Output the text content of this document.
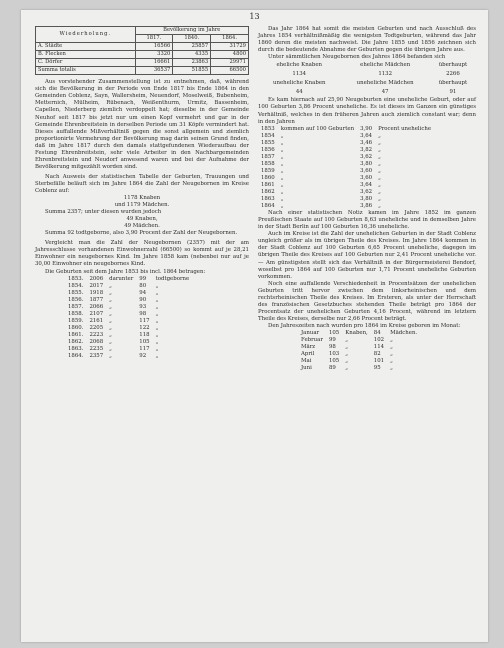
13
Wiederholung.	Bevölkerung im Jahre		
	1817.	1840.	1864.
A. Städte	16566	25857	31729
B. Flecken	3320	4335	4800
C. Dörfer	16661	23863	29971
Summa totalis	36537	51855	66500

Aus vorstehender Zusammenstellung ist zu entnehmen, daß, während sich die Bevölkerung in der Periode von Ende 1817 bis Ende 1864 in den Gemeinden Coblenz, Sayn, Wallersheim, Neuendorf, Moselweiß, Bubenheim, Metternich, Mülheim, Rübenach, Weißenthurm, Urmitz, Bassenheim, Capellen, Niederberg ziemlich verdoppelt hat; dieselbe in der Gemeinde Neuhof seit 1817 bis jetzt nur um einen Kopf vermehrt und gar in der Gemeinde Ehrenbreitstein in derselben Periode um 31 Köpfe vermindert hat. Dieses auffallende Mißverhältniß gegen die sonst allgemein und ziemlich proportionirte Vermehrung der Bevölkerung mag darin seinen Grund finden, daß im Jahre 1817 durch den damals stattgefundenen Wiederaufbau der Festung Ehrenbreitstein, sehr viele Arbeiter in den Nachbargemeinden Ehrenbreitstein und Neudorf anwesend waren und bei der Aufnahme der Bevölkerung mitgezählt worden sind.

Nach Ausweis der statistischen Tabelle der Geburten, Trauungen und Sterbefälle beläuft sich im Jahre 1864 die Zahl der Neugebornen im Kreise Coblenz auf:

1178 Knaben
und 1179 Mädchen.
Summa 2357; unter diesen wurden jedoch
49 Knaben,
49 Mädchen.

Summa 92 todtgeborne, also 3,90 Procent der Zahl der Neugebornen.

Vergleicht man die Zahl der Neugebornen (2357) mit der am Jahresschlusse vorhandenen Einwohnerzahl (66500) so kommt auf je 28,21 Einwohner ein neugebornes Kind. Im Jahre 1858 kam (nebenbei nur auf je 30,00 Einwohner ein neugebornes Kind.

Die Geburten seit dem Jahre 1853 bis incl. 1864 betragen:

1853.	2006	darunter	99	todtgeborne
1854.	2017	„	80	„
1855.	1918	„	94	„
1856.	1877	„	90	„
1857.	2066	„	93	„
1858.	2107	„	98	„
1859.	2161	„	117	„
1860.	2205	„	122	„
1861.	2223	„	118	„
1862.	2068	„	105	„
1863.	2235	„	117	„
1864.	2357	„	92	„

Das Jahr 1864 hat somit die meisten Geburten und nach Ausschluß des Jahres 1854 verhältnißmäßig die wenigsten Todtgeburten, während das Jahr 1860 deren die meisten nachweist. Die Jahre 1855 und 1856 zeichnen sich durch die bedeutende Abnahme der Geburten gegen die übrigen Jahre aus.

Unter sämmtlichen Neugebornen des Jahres 1864 befanden sich

eheliche Knaben	eheliche Mädchen	überhaupt
1134	1132	2266
uneheliche Knaben	uneheliche Mädchen	überhaupt
44	47	91

Es kam hiernach auf 25,90 Neugeburten eine uneheliche Geburt, oder auf 100 Geburten 3,86 Procent uneheliche. Es ist dieses im Ganzen ein günstiges Verhältniß, welches in den früheren Jahren auch ziemlich constant war; denn in den Jahren

1853	kommen auf 100 Geburten	3,90	Procent uneheliche
1854	„	3,64	„
1855	„	3,46	„
1856	„	3,82	„
1857	„	3,62	„
1858	„	3,80	„
1859	„	3,60	„
1860	„	3,60	„
1861	„	3,64	„
1862	„	3,62	„
1863	„	3,80	„
1864	„	3,86	„

Nach einer statistischen Notiz kamen im Jahre 1852 im ganzen Preußischen Staate auf 100 Geburten 8,63 uneheliche und in demselben Jahre in der Stadt Berlin auf 100 Geburten 16,36 uneheliche.

Auch im Kreise ist die Zahl der unehelichen Geburten in der Stadt Coblenz ungleich größer als im übrigen Theile des Kreises. Im Jahre 1864 kommen in der Stadt Coblenz auf 100 Geburten 6,65 Procent uneheliche, dagegen im übrigen Theile des Kreises auf 100 Geburten nur 2,41 Procent uneheliche vor. — Am günstigsten stellt sich das Verhältniß in der Bürgermeisterei Bendorf, woselbst pro 1864 auf 100 Geburten nur 1,71 Procent uneheliche Geburten vorkommen.

Noch eine auffallende Verschiedenheit in Procentsätzen der unehelichen Geburten tritt hervor zwischen dem linksrheinischen und dem rechtsrheinischen Theile des Kreises. Im Ersteren, als unter der Herrschaft des französischen Gesetzbuches stehenden Theile beträgt pro 1864 der Procentsatz der unehelichen Geburten 4,16 Procent, während im letztern Theile des Kreises, derselbe nur 2,66 Procent beträgt.

Den Jahreszeiten nach wurden pro 1864 im Kreise geboren im Monat:

Januar	105	Knaben,	84	Mädchen.
Februar	99	„	102	„
März	98	„	114	„
April	103	„	82	„
Mai	105	„	101	„
Juni	89	„	95	„
